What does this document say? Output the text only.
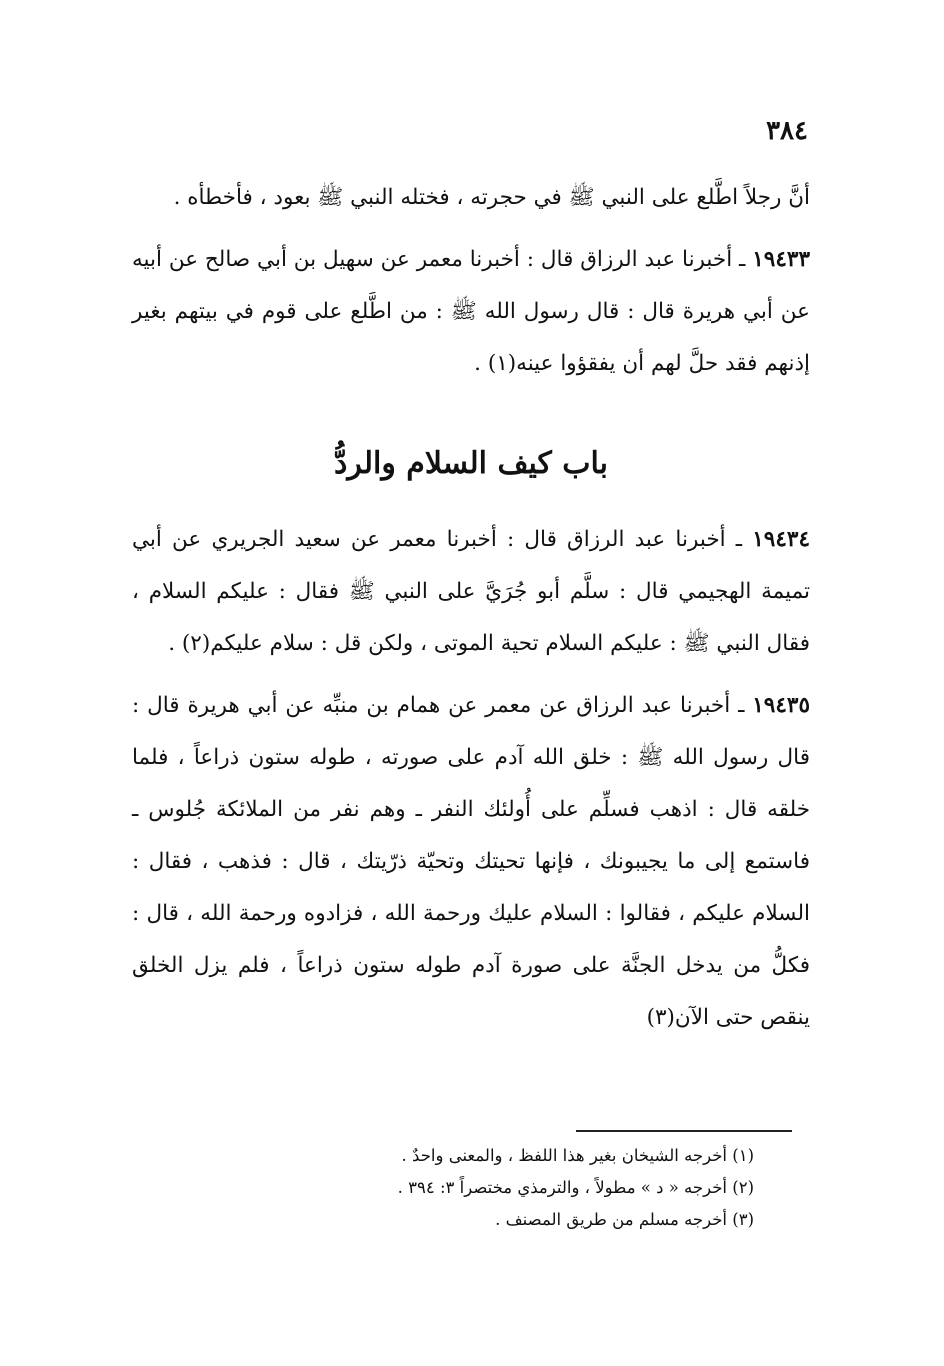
٣٨٤

أنَّ رجلاً اطَّلع على النبي ﷺ في حجرته ، فختله النبي ﷺ بعود ، فأخطأه .

١٩٤٣٣ ـ أخبرنا عبد الرزاق قال : أخبرنا معمر عن سهيل بن أبي صالح عن أبيه عن أبي هريرة قال : قال رسول الله ﷺ : من اطَّلع على قوم في بيتهم بغير إذنهم فقد حلَّ لهم أن يفقؤوا عينه(١) .

باب كيف السلام والردُّ

١٩٤٣٤ ـ أخبرنا عبد الرزاق قال : أخبرنا معمر عن سعيد الجريري عن أبي تميمة الهجيمي قال : سلَّم أبو جُرَيَّ على النبي ﷺ فقال : عليكم السلام ، فقال النبي ﷺ : عليكم السلام تحية الموتى ، ولكن قل : سلام عليكم(٢) .

١٩٤٣٥ ـ أخبرنا عبد الرزاق عن معمر عن همام بن منبِّه عن أبي هريرة قال : قال رسول الله ﷺ : خلق الله آدم على صورته ، طوله ستون ذراعاً ، فلما خلقه قال : اذهب فسلِّم على أُولئك النفر ـ وهم نفر من الملائكة جُلوس ـ فاستمع إلى ما يجيبونك ، فإنها تحيتك وتحيّة ذرّيتك ، قال : فذهب ، فقال : السلام عليكم ، فقالوا : السلام عليك ورحمة الله ، فزادوه ورحمة الله ، قال : فكلُّ من يدخل الجنَّة على صورة آدم طوله ستون ذراعاً ، فلم يزل الخلق ينقص حتى الآن(٣)

(١) أخرجه الشيخان بغير هذا اللفظ ، والمعنى واحدٌ .

(٢) أخرجه « د » مطولاً ، والترمذي مختصراً ٣: ٣٩٤ .

(٣) أخرجه مسلم من طريق المصنف .
